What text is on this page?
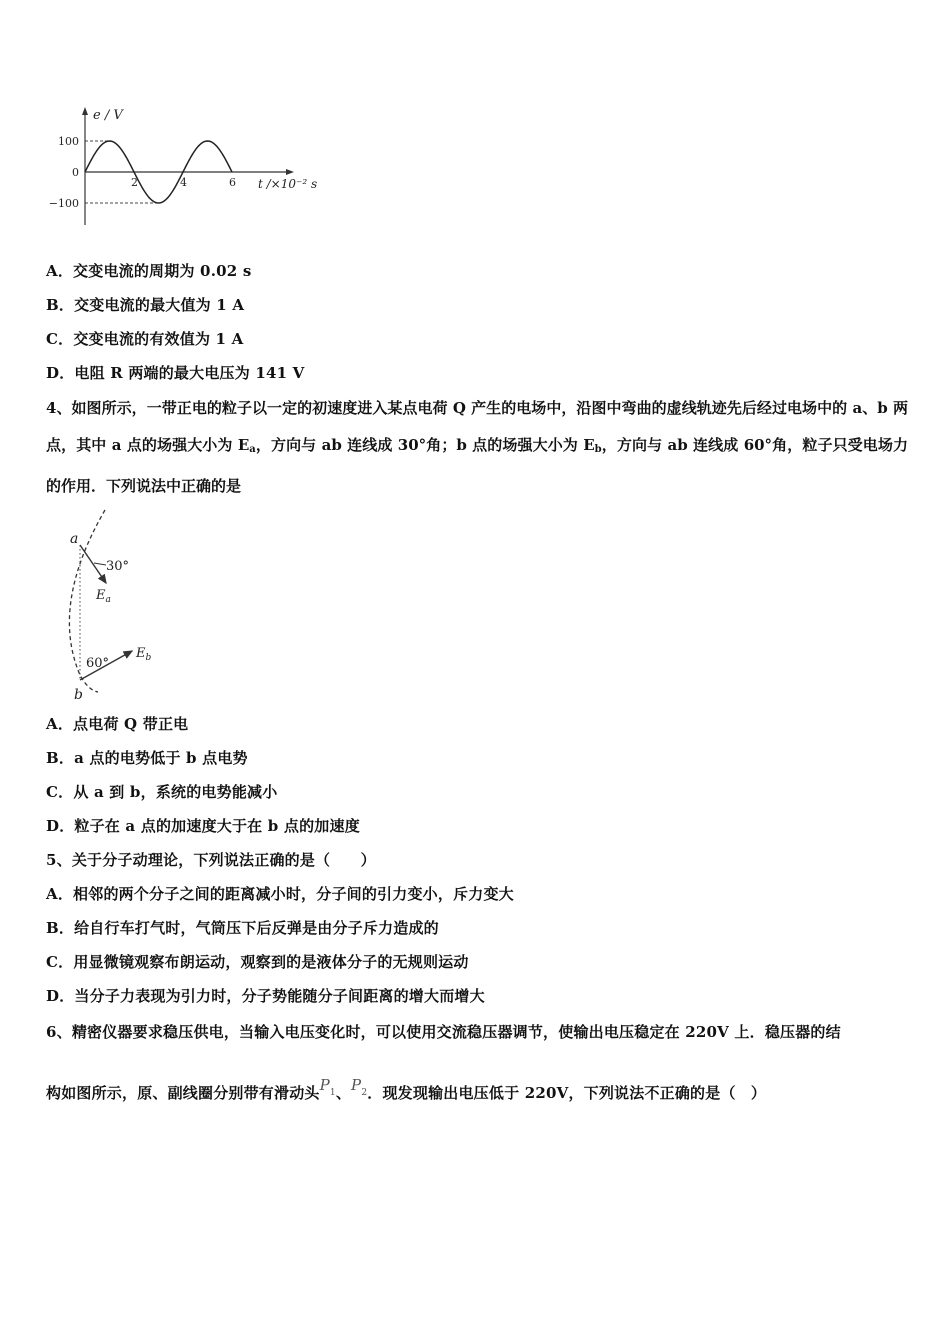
e / V
t /×10⁻² s
100
0
−100
2	4	6
A．交变电流的周期为 0.02 s
B．交变电流的最大值为 1 A
C．交变电流的有效值为 1 A
D．电阻 R 两端的最大电压为 141 V
4、如图所示，一带正电的粒子以一定的初速度进入某点电荷 Q 产生的电场中，沿图中弯曲的虚线轨迹先后经过电场中的 a、b 两点，其中 a 点的场强大小为 $E_a$，方向与 ab 连线成 30°角；b 点的场强大小为 $E_b$，方向与 ab 连线成 60°角，粒子只受电场力的作用．下列说法中正确的是
a
b
30°
60°
$E_a$
$E_b$
A．点电荷 Q 带正电
B．a 点的电势低于 b 点电势
C．从 a 到 b，系统的电势能减小
D．粒子在 a 点的加速度大于在 b 点的加速度
5、关于分子动理论，下列说法正确的是（　　）
A．相邻的两个分子之间的距离减小时，分子间的引力变小，斥力变大
B．给自行车打气时，气筒压下后反弹是由分子斥力造成的
C．用显微镜观察布朗运动，观察到的是液体分子的无规则运动
D．当分子力表现为引力时，分子势能随分子间距离的增大而增大
6、精密仪器要求稳压供电，当输入电压变化时，可以使用交流稳压器调节，使输出电压稳定在 220V 上．稳压器的结
构如图所示，原、副线圈分别带有滑动头$P_1$、$P_2$．现发现输出电压低于 220V，下列说法不正确的是（　）
